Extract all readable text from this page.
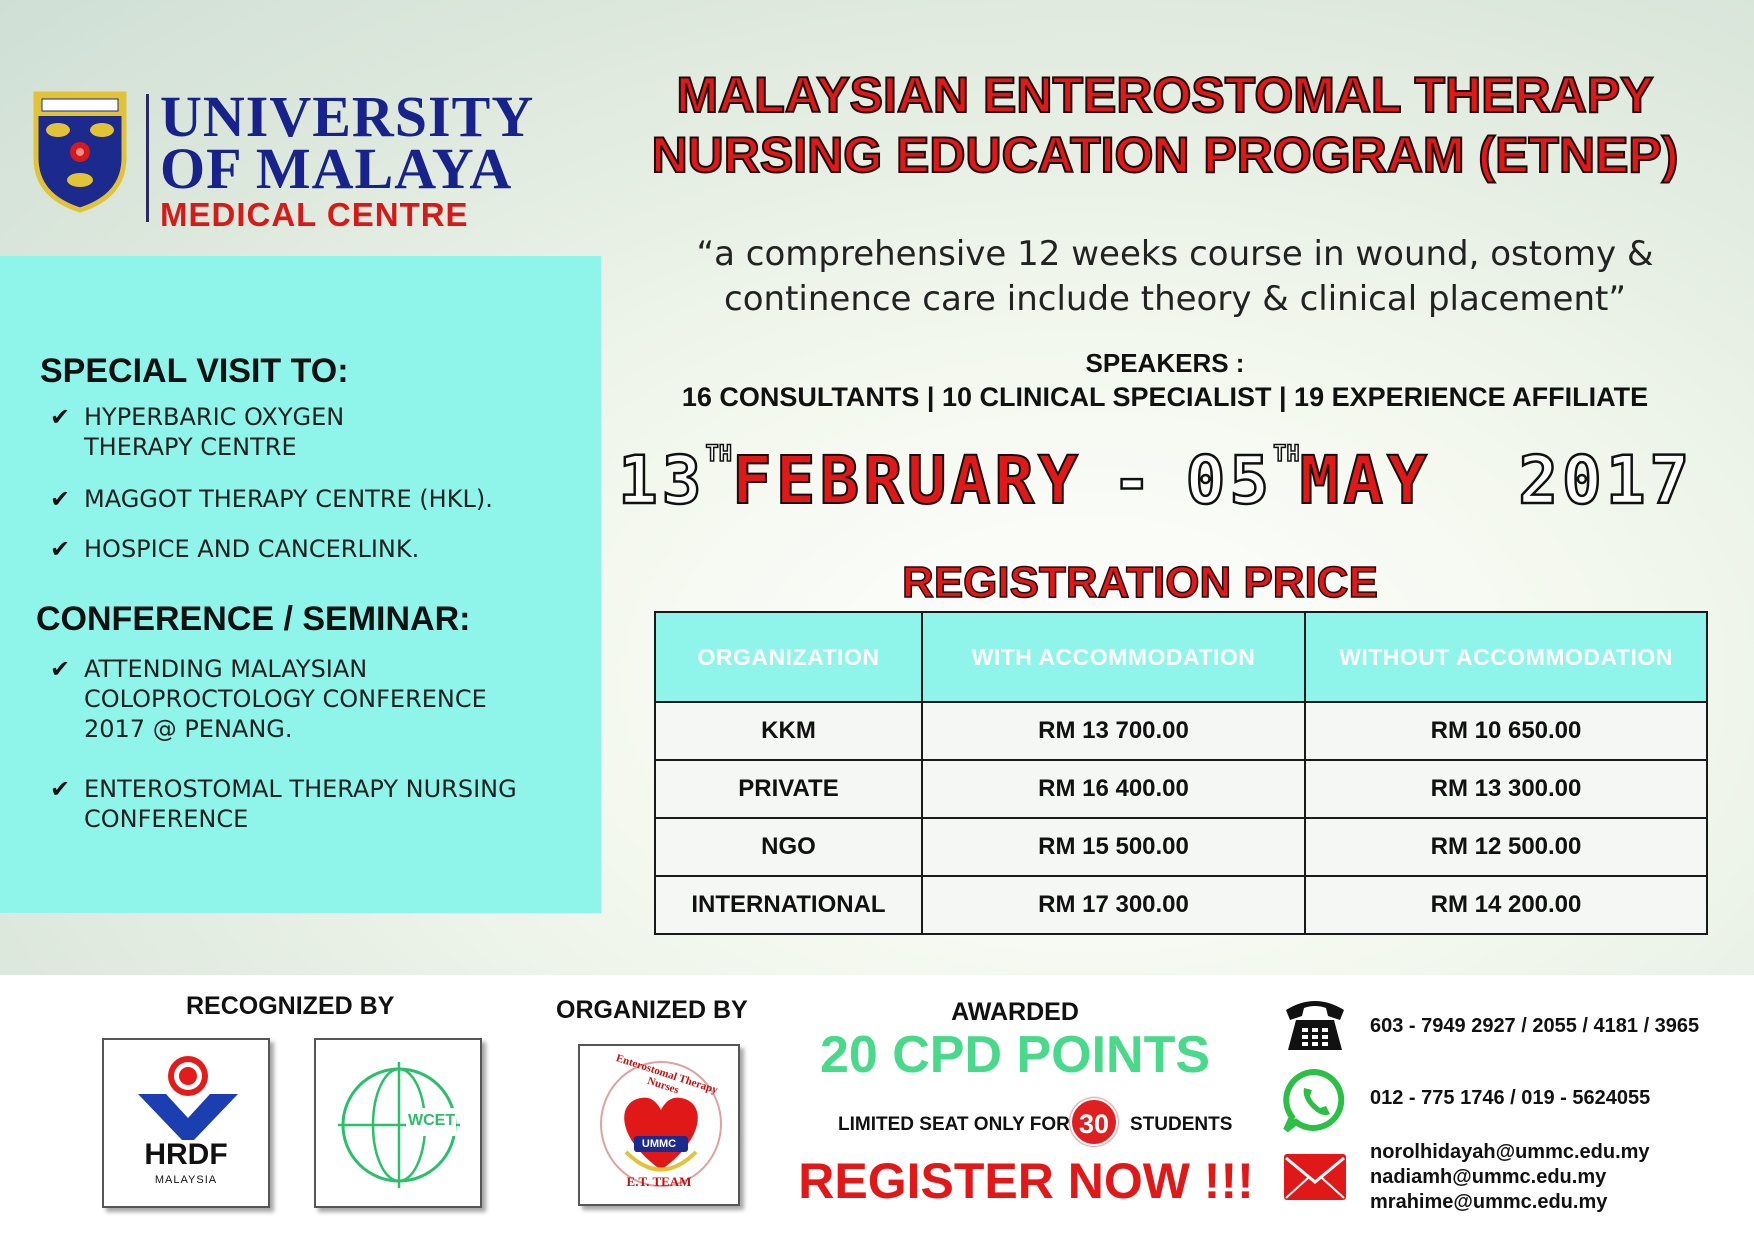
UNIVERSITY
OF MALAYA
MEDICAL CENTRE
MALAYSIAN ENTEROSTOMAL THERAPY
NURSING EDUCATION PROGRAM (ETNEP)
“a comprehensive 12 weeks course in wound, ostomy &
continence care include theory & clinical placement”
SPEAKERS :
16 CONSULTANTS | 10 CLINICAL SPECIALIST | 19 EXPERIENCE AFFILIATE
13THFEBRUARY - 05THMAY 2017
SPECIAL VISIT TO:
✔ HYPERBARIC OXYGEN THERAPY CENTRE
✔ MAGGOT THERAPY CENTRE (HKL).
✔ HOSPICE AND CANCERLINK.
CONFERENCE / SEMINAR:
✔ ATTENDING MALAYSIAN COLOPROCTOLOGY CONFERENCE 2017 @ PENANG.
✔ ENTEROSTOMAL THERAPY NURSING CONFERENCE
REGISTRATION PRICE
ORGANIZATION	WITH ACCOMMODATION	WITHOUT ACCOMMODATION
KKM	RM 13 700.00	RM 10 650.00
PRIVATE	RM 16 400.00	RM 13 300.00
NGO	RM 15 500.00	RM 12 500.00
INTERNATIONAL	RM 17 300.00	RM 14 200.00
RECOGNIZED BY
HRDF
MALAYSIA
WCET
ORGANIZED BY
Enterostomal Therapy Nurses
UMMC
E.T. TEAM
AWARDED
20 CPD POINTS
LIMITED SEAT ONLY FOR 30	STUDENTS
REGISTER NOW !!!
603 - 7949 2927 / 2055 / 4181 / 3965
012 - 775 1746 / 019 - 5624055
norolhidayah@ummc.edu.my
nadiamh@ummc.edu.my
mrahime@ummc.edu.my
